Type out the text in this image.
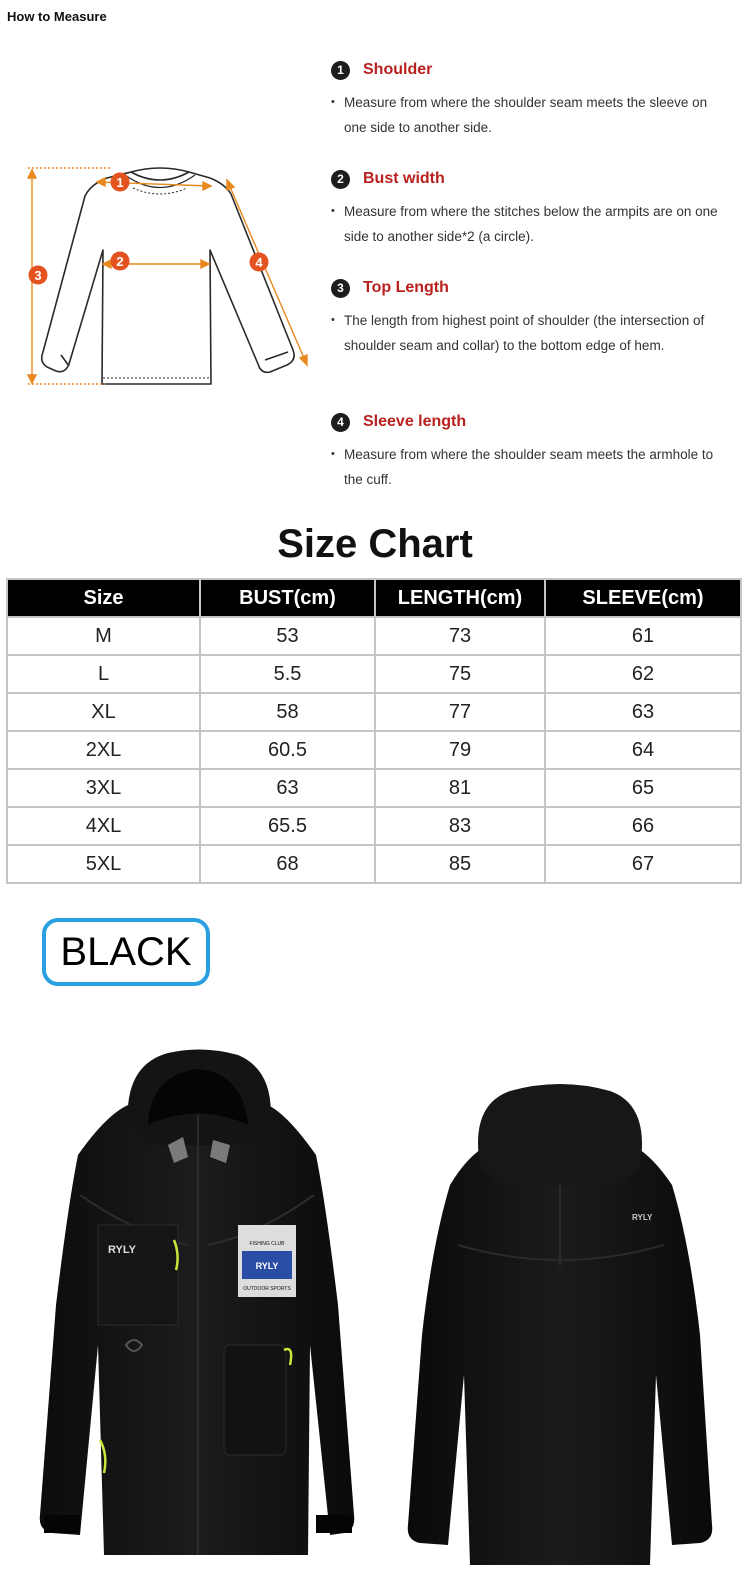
How to Measure
1
2
3
4
1	Shoulder
• Measure from where the shoulder seam meets the sleeve on one side to another side.
2	Bust width
• Measure from where the stitches below the armpits are on one side to another side*2 (a circle).
3	Top Length
• The length from highest point of shoulder (the intersection of shoulder seam and collar) to the bottom edge of hem.
4	Sleeve length
• Measure from where the shoulder seam meets the armhole to the cuff.
Size Chart
Size	BUST(cm)	LENGTH(cm)	SLEEVE(cm)
M	53	73	61
L	5.5	75	62
XL	58	77	63
2XL	60.5	79	64
3XL	63	81	65
4XL	65.5	83	66
5XL	68	85	67
BLACK
RYLY	FISHING CLUB
RYLY
OUTDOOR SPORTS
RYLY
